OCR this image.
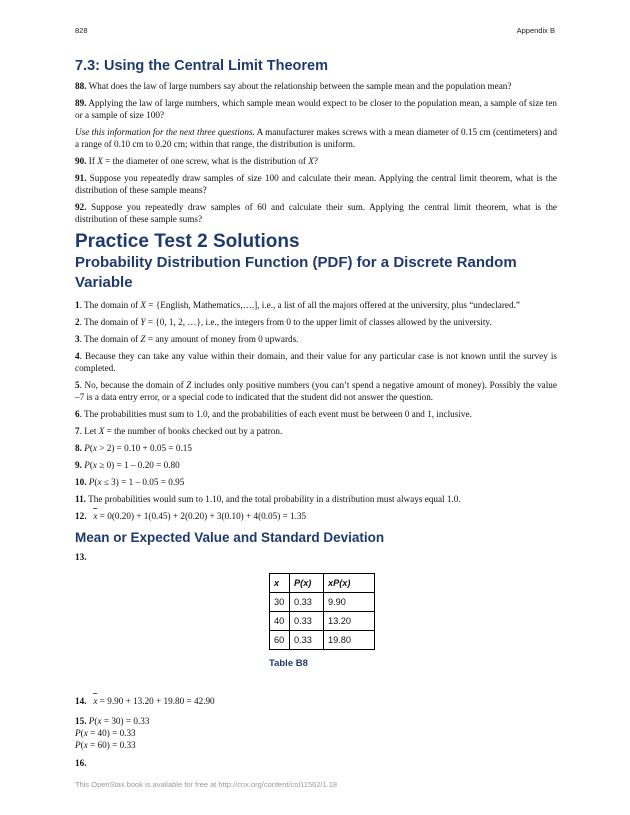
828	Appendix B
7.3: Using the Central Limit Theorem

88. What does the law of large numbers say about the relationship between the sample mean and the population mean?

89. Applying the law of large numbers, which sample mean would expect to be closer to the population mean, a sample of size ten or a sample of size 100?

Use this information for the next three questions. A manufacturer makes screws with a mean diameter of 0.15 cm (centimeters) and a range of 0.10 cm to 0.20 cm; within that range, the distribution is uniform.

90. If X = the diameter of one screw, what is the distribution of X?

91. Suppose you repeatedly draw samples of size 100 and calculate their mean. Applying the central limit theorem, what is the distribution of these sample means?

92. Suppose you repeatedly draw samples of 60 and calculate their sum. Applying the central limit theorem, what is the distribution of these sample sums?

Practice Test 2 Solutions
Probability Distribution Function (PDF) for a Discrete Random Variable

1. The domain of X = {English, Mathematics,….], i.e., a list of all the majors offered at the university, plus “undeclared.”

2. The domain of Y = {0, 1, 2, …}, i.e., the integers from 0 to the upper limit of classes allowed by the university.

3. The domain of Z = any amount of money from 0 upwards.

4. Because they can take any value within their domain, and their value for any particular case is not known until the survey is completed.

5. No, because the domain of Z includes only positive numbers (you can’t spend a negative amount of money). Possibly the value –7 is a data entry error, or a special code to indicated that the student did not answer the question.

6. The probabilities must sum to 1.0, and the probabilities of each event must be between 0 and 1, inclusive.

7. Let X = the number of books checked out by a patron.

8. P(x > 2) = 0.10 + 0.05 = 0.15

9. P(x ≥ 0) = 1 – 0.20 = 0.80

10. P(x ≤ 3) = 1 – 0.05 = 0.95

11. The probabilities would sum to 1.10, and the total probability in a distribution must always equal 1.0.

12. x = 0(0.20) + 1(0.45) + 2(0.20) + 3(0.10) + 4(0.05) = 1.35

Mean or Expected Value and Standard Deviation

13.

x	P(x)	xP(x)
30	0.33	9.90
40	0.33	13.20
60	0.33	19.80
Table B8

14. x = 9.90 + 13.20 + 19.80 = 42.90

15. P(x = 30) = 0.33
P(x = 40) = 0.33
P(x = 60) = 0.33

16.

This OpenStax book is available for free at http://cnx.org/content/col11562/1.18
